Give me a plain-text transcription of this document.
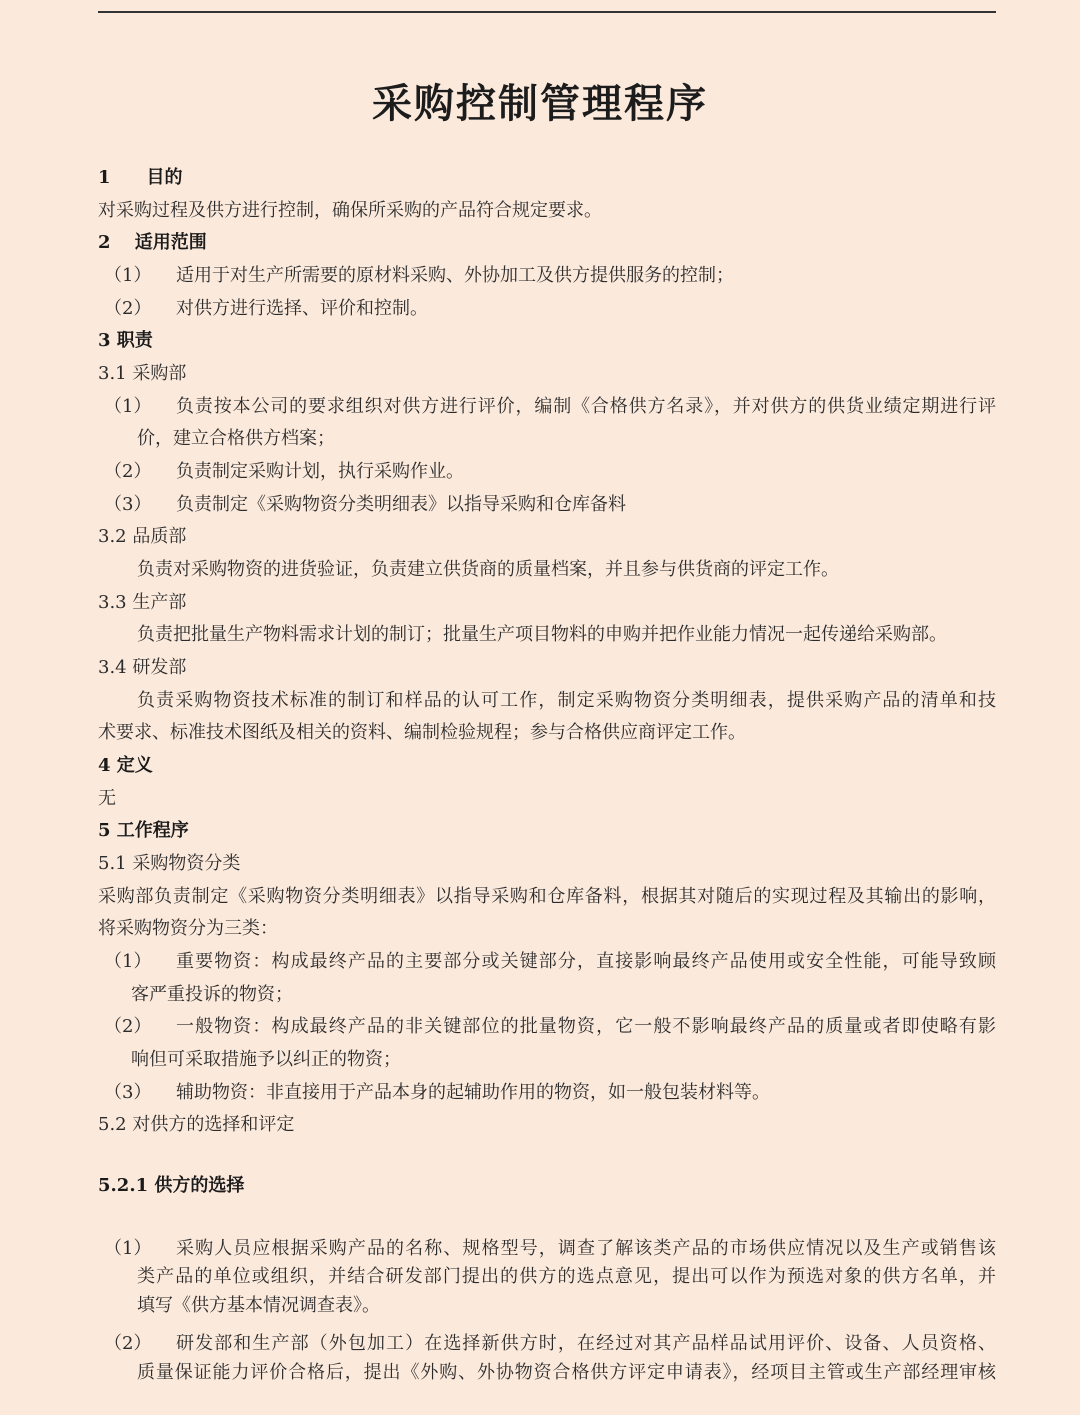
采购控制管理程序
1　　目的
对采购过程及供方进行控制，确保所采购的产品符合规定要求。
2　 适用范围
（1） 适用于对生产所需要的原材料采购、外协加工及供方提供服务的控制；
（2） 对供方进行选择、评价和控制。
3 职责
3.1 采购部
（1） 负责按本公司的要求组织对供方进行评价，编制《合格供方名录》，并对供方的供货业绩定期进行评
价，建立合格供方档案；
（2） 负责制定采购计划，执行采购作业。
（3） 负责制定《采购物资分类明细表》以指导采购和仓库备料
3.2 品质部
负责对采购物资的进货验证，负责建立供货商的质量档案，并且参与供货商的评定工作。
3.3 生产部
负责把批量生产物料需求计划的制订；批量生产项目物料的申购并把作业能力情况一起传递给采购部。
3.4 研发部
负责采购物资技术标准的制订和样品的认可工作，制定采购物资分类明细表，提供采购产品的清单和技
术要求、标准技术图纸及相关的资料、编制检验规程；参与合格供应商评定工作。
4 定义
无
5 工作程序
5.1 采购物资分类
采购部负责制定《采购物资分类明细表》以指导采购和仓库备料，根据其对随后的实现过程及其输出的影响，
将采购物资分为三类：
（1） 重要物资：构成最终产品的主要部分或关键部分，直接影响最终产品使用或安全性能，可能导致顾
客严重投诉的物资；
（2） 一般物资：构成最终产品的非关键部位的批量物资，它一般不影响最终产品的质量或者即使略有影
响但可采取措施予以纠正的物资；
（3） 辅助物资：非直接用于产品本身的起辅助作用的物资，如一般包装材料等。
5.2 对供方的选择和评定
5.2.1 供方的选择
（1） 采购人员应根据采购产品的名称、规格型号，调查了解该类产品的市场供应情况以及生产或销售该
类产品的单位或组织，并结合研发部门提出的供方的选点意见，提出可以作为预选对象的供方名单，并
填写《供方基本情况调查表》。
（2） 研发部和生产部（外包加工）在选择新供方时，在经过对其产品样品试用评价、设备、人员资格、
质量保证能力评价合格后，提出《外购、外协物资合格供方评定申请表》，经项目主管或生产部经理审核
